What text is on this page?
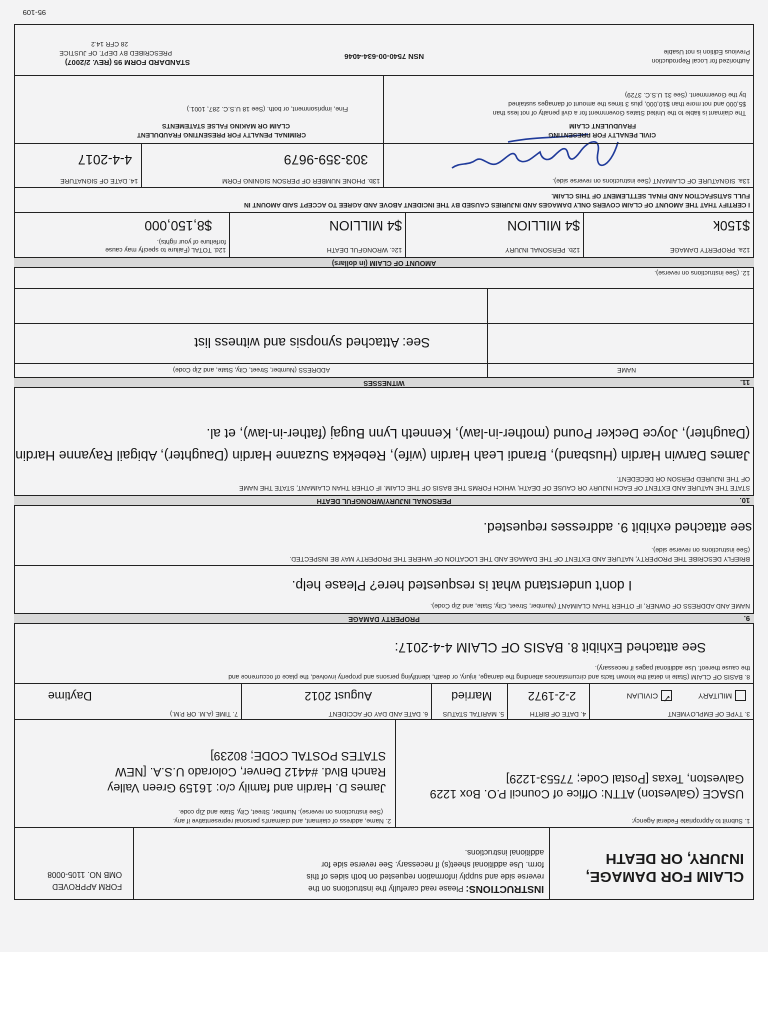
95-109
CLAIM FOR DAMAGE,
INJURY, OR DEATH
INSTRUCTIONS: Please read carefully the instructions on the
reverse side and supply information requested on both sides of this
form. Use additional sheet(s) if necessary. See reverse side for
additional instructions.
FORM APPROVED
OMB NO. 1105-0008
1. Submit to Appropriate Federal Agency:
USACE (Galveston) ATTN: Office of Council P.O. Box 1229
Galveston, Texas [Postal Code; 77553-1229]
2. Name, address of claimant, and claimant's personal representative if any.
(See instructions on reverse). Number, Street, City, State and Zip code.
James D. Hardin and family c/o: 16159 Green Valley
Ranch Blvd. #4412 Denver, Colorado U.S.A. [NEW
STATES POSTAL CODE; 80239]
3. TYPE OF EMPLOYMENT
MILITARY
✓CIVILIAN
4. DATE OF BIRTH
2-2-1972
5. MARITAL STATUS
Married
6. DATE AND DAY OF ACCIDENT
August 2012
7. TIME (A.M. OR P.M.)
Daytime
8. BASIS OF CLAIM (State in detail the known facts and circumstances attending the damage, injury, or death, identifying persons and property involved, the place of occurrence and
the cause thereof. Use additional pages if necessary).
See attached Exhibit 8. BASIS OF CLAIM 4-4-2017:
PROPERTY DAMAGE	9.
NAME AND ADDRESS OF OWNER, IF OTHER THAN CLAIMANT (Number, Street, City, State, and Zip Code).
I don't understand what is resquested here? Please help.
BRIEFLY DESCRIBE THE PROPERTY, NATURE AND EXTENT OF THE DAMAGE AND THE LOCATION OF WHERE THE PROPERTY MAY BE INSPECTED.
(See instructions on reverse side).
see attached exhibit 9. addresses requested.
PERSONAL INJURY/WRONGFUL DEATH	10.
STATE THE NATURE AND EXTENT OF EACH INJURY OR CAUSE OF DEATH, WHICH FORMS THE BASIS OF THE CLAIM. IF OTHER THAN CLAIMANT, STATE THE NAME
OF THE INJURED PERSON OR DECEDENT.
James Darwin Hardin (Husband), Brandi Leah Hardin (wife), Rebekka Suzanne Hardin (Daughter), Abigail Rayanne Hardin
(Daughter), Joyce Decker Pound (mother-in-law), Kenneth Lynn Bugaj (father-in-law), et al.
WITNESSES	11.
NAME
ADDRESS (Number, Street, City, State, and Zip Code)
See: Attached synopsis and witness list
12. (See instructions on reverse).
AMOUNT OF CLAIM (in dollars)
12a. PROPERTY DAMAGE
$150k
12b. PERSONAL INJURY
$4 MILLION
12c. WRONGFUL DEATH
$4 MILLION
12d. TOTAL (Failure to specify may cause
forfeiture of your rights).
$8,150,000
I CERTIFY THAT THE AMOUNT OF CLAIM COVERS ONLY DAMAGES AND INJURIES CAUSED BY THE INCIDENT ABOVE AND AGREE TO ACCEPT SAID AMOUNT IN
FULL SATISFACTION AND FINAL SETTLEMENT OF THIS CLAIM.
13a. SIGNATURE OF CLAIMANT (See instructions on reverse side).
13b. PHONE NUMBER OF PERSON SIGNING FORM
303-359-9679
14. DATE OF SIGNATURE
4-4-2017
CIVIL PENALTY FOR PRESENTING
FRAUDULENT CLAIM
The claimant is liable to the United States Government for a civil penalty of not less than
$5,000 and not more than $10,000, plus 3 times the amount of damages sustained
by the Government. (See 31 U.S.C. 3729)
CRIMINAL PENALTY FOR PRESENTING FRAUDULENT
CLAIM OR MAKING FALSE STATEMENTS
Fine, imprisonment, or both. (See 18 U.S.C. 287, 1001.)
Authorized for Local Reproduction
Previous Edition is not Usable
NSN 7540-00-634-4046
STANDARD FORM 95 (REV. 2/2007)
PRESCRIBED BY DEPT. OF JUSTICE
28 CFR 14.2
